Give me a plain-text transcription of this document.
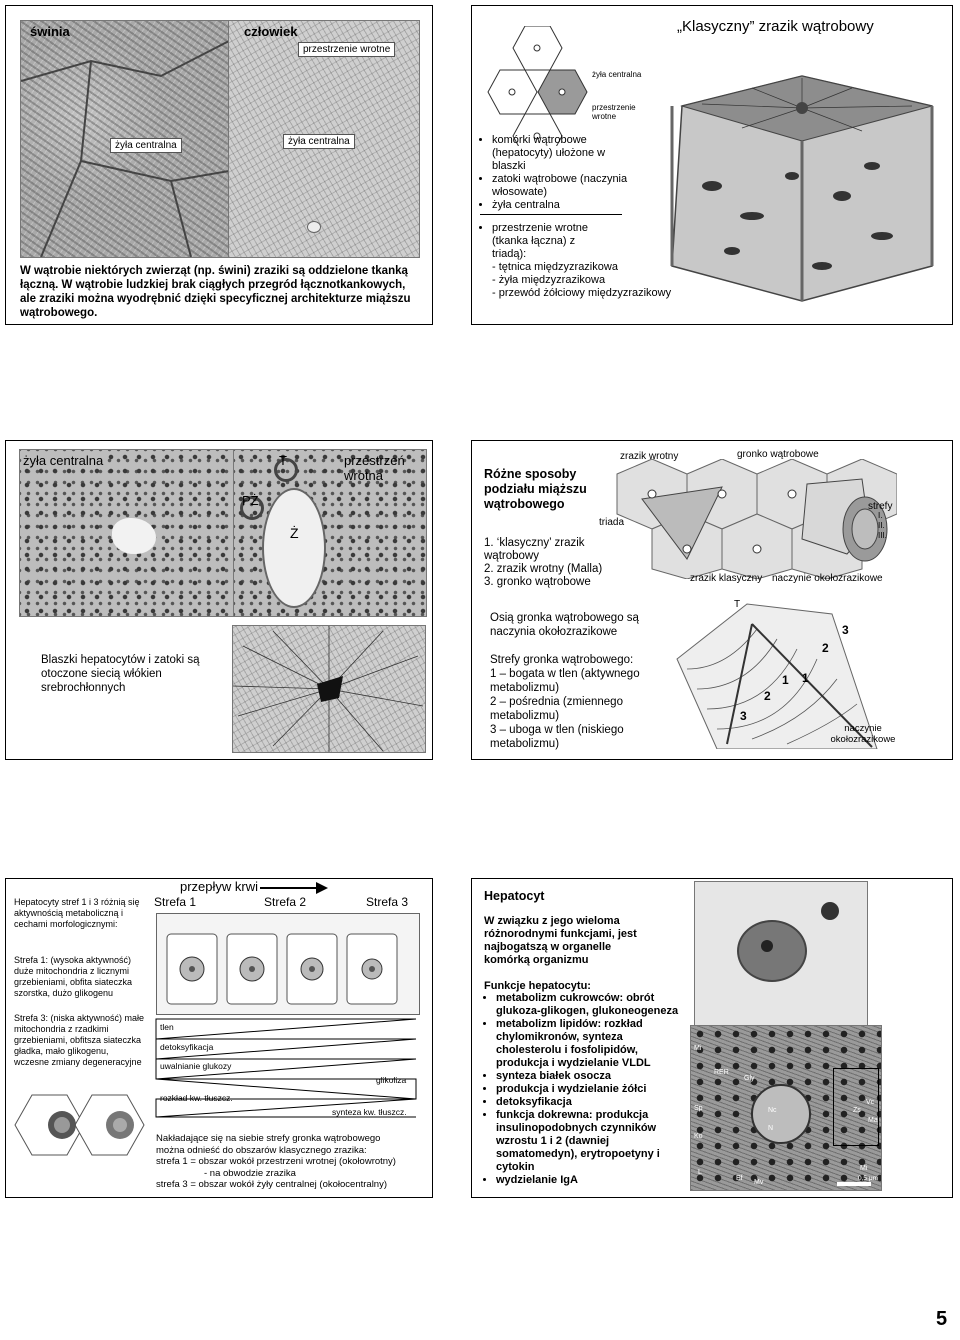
świnia	człowiek
przestrzenie wrotne
żyła centralna	żyła centralna
W wątrobie niektórych zwierząt (np. świni) zraziki są oddzielone tkanką łączną. W wątrobie ludzkiej brak ciągłych przegród łącznotkankowych, ale zraziki można wyodrębnić dzięki specyficznej architekturze miąższu wątrobowego.
„Klasyczny” zrazik wątrobowy
żyła centralna
przestrzenie wrotne
• komórki wątrobowe (hepatocyty) ułożone w blaszki
• zatoki wątrobowe (naczynia włosowate)
• żyła centralna
• przestrzenie wrotne (tkanka łączna) z triadą):
- tętnica międzyzrazikowa
- żyła międzyzrazikowa
- przewód żółciowy międzyzrazikowy
żyła centralna	T
PŻ
przestrzeń wrotna
Ż
Blaszki hepatocytów i zatoki są otoczone siecią włókien srebrochłonnych
Różne sposoby podziału miąższu wątrobowego
1. ‘klasyczny’ zrazik wątrobowy
2. zrazik wrotny (Malla)
3. gronko wątrobowe
zrazik wrotny	gronko wątrobowe
triada
strefy
I.
II.
III.
zrazik klasyczny naczynie okołozrazikowe
Osią gronka wątrobowego są naczynia okołozrazikowe
Strefy gronka wątrobowego:
1 – bogata w tlen (aktywnego metabolizmu)
2 – pośrednia (zmiennego metabolizmu)
3 – uboga w tlen (niskiego metabolizmu)
T
3
2
1
1
2
3
naczynie okołozrazikowe
Hepatocyty stref 1 i 3 różnią się aktywnością metaboliczną i cechami morfologicznymi:
Strefa 1: (wysoka aktywność) duże mitochondria z licznymi grzebieniami, obfita siateczka szorstka, dużo glikogenu
Strefa 3: (niska aktywność) małe mitochondria z rzadkimi grzebieniami, obfitsza siateczka gładka, mało glikogenu, wczesne zmiany degeneracyjne
przepływ krwi
Strefa 1	Strefa 2	Strefa 3
tlen
detoksyfikacja
uwalnianie glukozy
glikoliza
rozkład kw. tłuszcz.
synteza kw. tłuszcz.
Nakładające się na siebie strefy gronka wątrobowego
można odnieść do obszarów klasycznego zrazika:
strefa 1 = obszar wokół przestrzeni wrotnej (okołowrotny)
- na obwodzie zrazika
strefa 3 = obszar wokół żyły centralnej (okołocentralny)
Hepatocyt
W związku z jego wieloma różnorodnymi funkcjami, jest najbogatszą w organelle komórką organizmu
Funkcje hepatocytu:
• metabolizm cukrowców: obrót glukoza-glikogen, glukoneogeneza
• metabolizm lipidów: rozkład chylomikronów, synteza cholesterolu i fosfolipidów, produkcja i wydzielanie VLDL
• synteza białek osocza
• produkcja i wydzielanie żółci
• detoksyfikacja
• funkcja dokrewna: produkcja insulinopodobnych czynników wzrostu 1 i 2 (dawniej somatomedyn), erytropoetyny i cytokin
• wydzielanie IgA
Mi
RER
Gly
Sp
Ko
Nc
N
Zs
Vc
Ma
L
Ef
Mv
Mi
0,5 μm
5
